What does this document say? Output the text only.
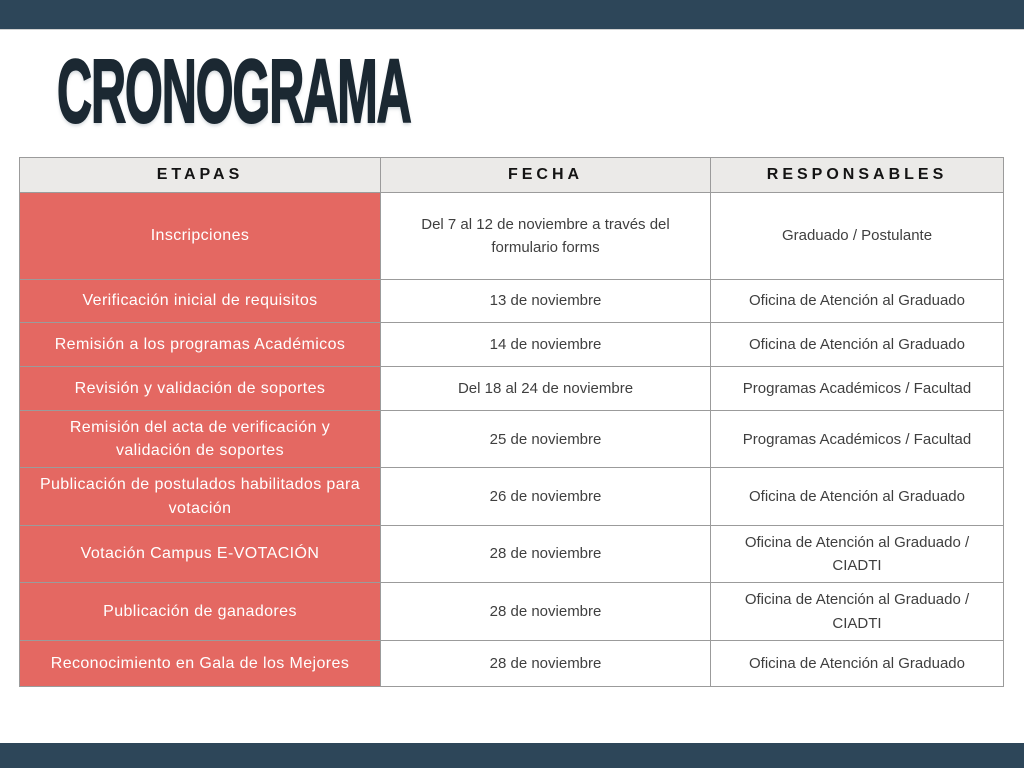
CRONOGRAMA
ETAPAS	FECHA	RESPONSABLES
Inscripciones	Del 7 al 12 de noviembre a través del formulario forms	Graduado / Postulante
Verificación inicial de requisitos	13 de noviembre	Oficina de Atención al Graduado
Remisión a los programas Académicos	14 de noviembre	Oficina de Atención al Graduado
Revisión y validación de soportes	Del 18 al 24 de noviembre	Programas Académicos / Facultad
Remisión del acta de verificación y validación de soportes	25 de noviembre	Programas Académicos / Facultad
Publicación de postulados habilitados para votación	26 de noviembre	Oficina de Atención al Graduado
Votación Campus E-VOTACIÓN	28 de noviembre	Oficina de Atención al Graduado / CIADTI
Publicación de ganadores	28 de noviembre	Oficina de Atención al Graduado / CIADTI
Reconocimiento en Gala de los Mejores	28 de noviembre	Oficina de Atención al Graduado
